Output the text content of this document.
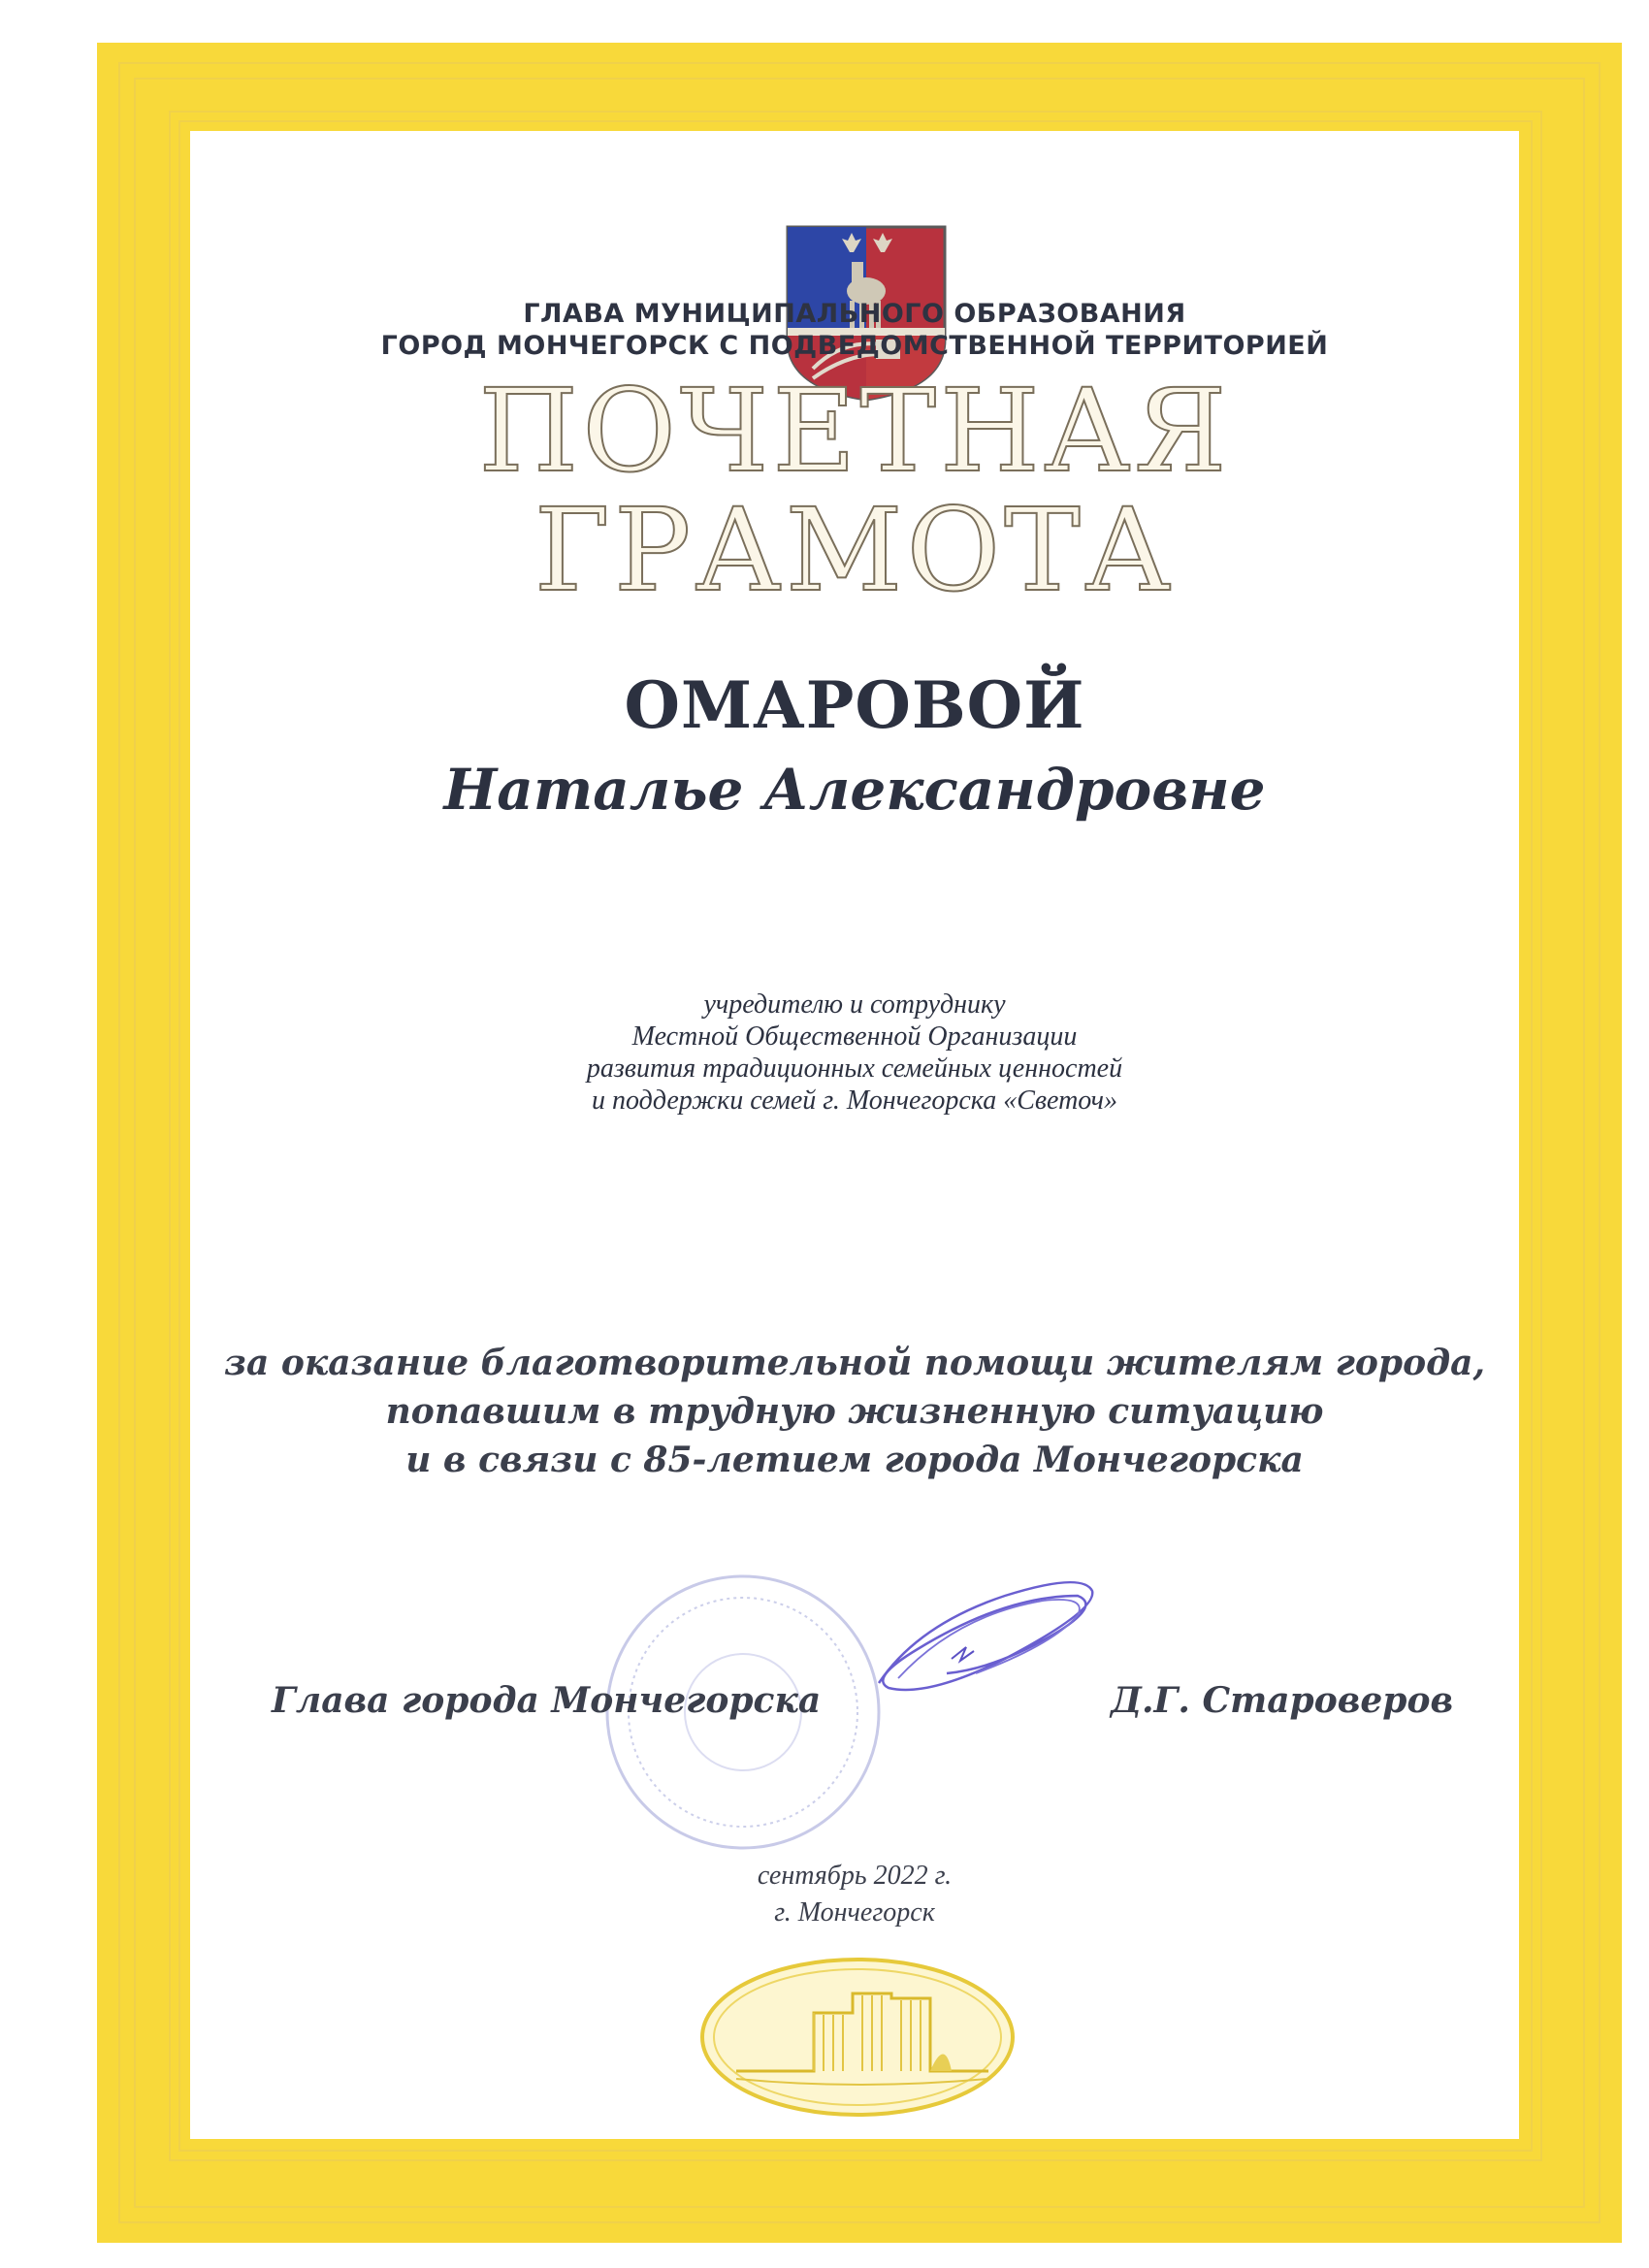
ГЛАВА МУНИЦИПАЛЬНОГО ОБРАЗОВАНИЯ
ГОРОД МОНЧЕГОРСК С ПОДВЕДОМСТВЕННОЙ ТЕРРИТОРИЕЙ
ПОЧЕТНАЯ
ГРАМОТА
ОМАРОВОЙ
Наталье Александровне
учредителю и сотруднику
Местной Общественной Организации
развития традиционных семейных ценностей
и поддержки семей г. Мончегорска «Светоч»
за оказание благотворительной помощи жителям города,
попавшим в трудную жизненную ситуацию
и в связи с 85-летием города Мончегорска
Глава города Мончегорска	Д.Г. Староверов
сентябрь 2022 г.
г. Мончегорск
